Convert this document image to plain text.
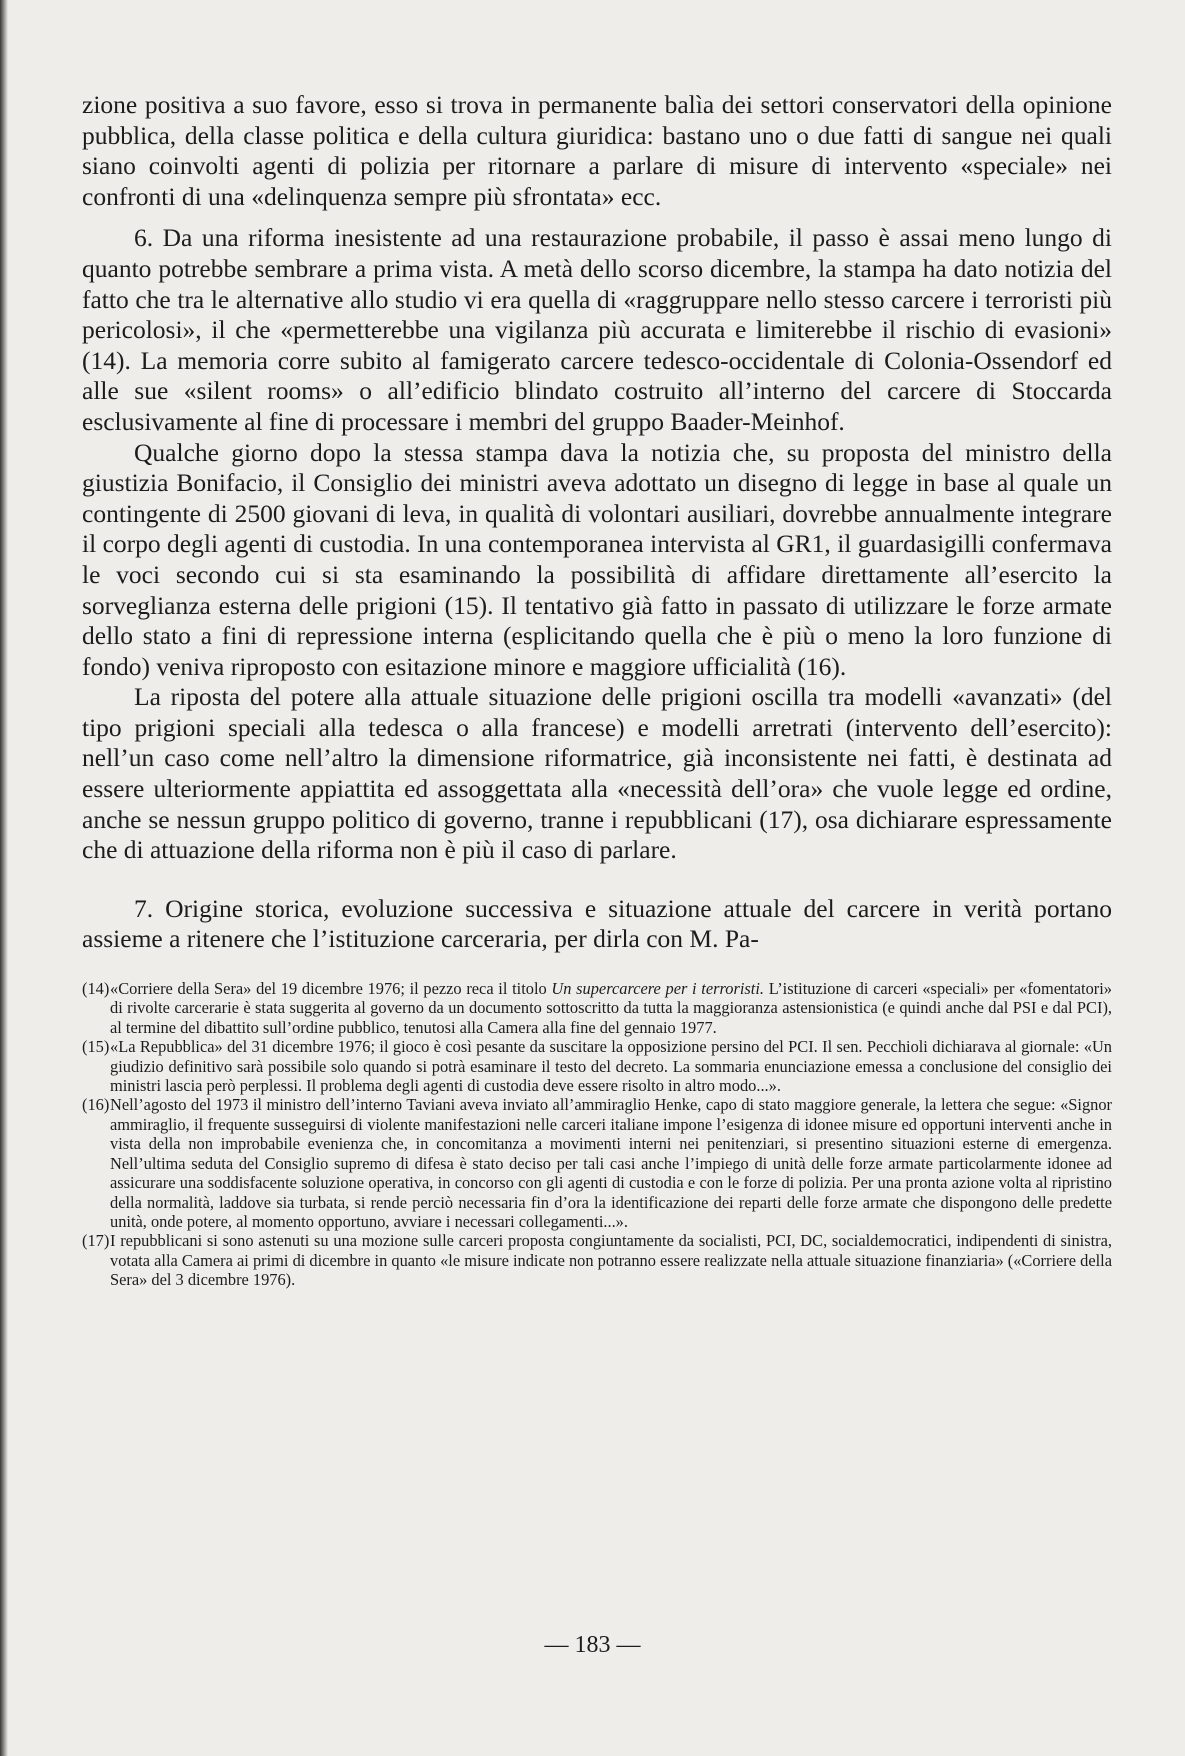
zione positiva a suo favore, esso si trova in permanente balìa dei settori conservatori della opinione pubblica, della classe politica e della cultura giuridica: bastano uno o due fatti di sangue nei quali siano coinvolti agenti di polizia per ritornare a parlare di misure di intervento «speciale» nei confronti di una «delinquenza sempre più sfrontata» ecc.

6. Da una riforma inesistente ad una restaurazione probabile, il passo è assai meno lungo di quanto potrebbe sembrare a prima vista. A metà dello scorso dicembre, la stampa ha dato notizia del fatto che tra le alternative allo studio vi era quella di «raggruppare nello stesso carcere i terroristi più pericolosi», il che «permetterebbe una vigilanza più accurata e limiterebbe il rischio di evasioni» (14). La memoria corre subito al famigerato carcere tedesco-occidentale di Colonia-Ossendorf ed alle sue «silent rooms» o all’edificio blindato costruito all’interno del carcere di Stoccarda esclusivamente al fine di processare i membri del gruppo Baader-Meinhof.

Qualche giorno dopo la stessa stampa dava la notizia che, su proposta del ministro della giustizia Bonifacio, il Consiglio dei ministri aveva adottato un disegno di legge in base al quale un contingente di 2500 giovani di leva, in qualità di volontari ausiliari, dovrebbe annualmente integrare il corpo degli agenti di custodia. In una contemporanea intervista al GR1, il guardasigilli confermava le voci secondo cui si sta esaminando la possibilità di affidare direttamente all’esercito la sorveglianza esterna delle prigioni (15). Il tentativo già fatto in passato di utilizzare le forze armate dello stato a fini di repressione interna (esplicitando quella che è più o meno la loro funzione di fondo) veniva riproposto con esitazione minore e maggiore ufficialità (16).

La riposta del potere alla attuale situazione delle prigioni oscilla tra modelli «avanzati» (del tipo prigioni speciali alla tedesca o alla francese) e modelli arretrati (intervento dell’esercito): nell’un caso come nell’altro la dimensione riformatrice, già inconsistente nei fatti, è destinata ad essere ulteriormente appiattita ed assoggettata alla «necessità dell’ora» che vuole legge ed ordine, anche se nessun gruppo politico di governo, tranne i repubblicani (17), osa dichiarare espressamente che di attuazione della riforma non è più il caso di parlare.

7. Origine storica, evoluzione successiva e situazione attuale del carcere in verità portano assieme a ritenere che l’istituzione carceraria, per dirla con M. Pa-

(14) «Corriere della Sera» del 19 dicembre 1976; il pezzo reca il titolo Un supercarcere per i terroristi. L’istituzione di carceri «speciali» per «fomentatori» di rivolte carcerarie è stata suggerita al governo da un documento sottoscritto da tutta la maggioranza astensionistica (e quindi anche dal PSI e dal PCI), al termine del dibattito sull’ordine pubblico, tenutosi alla Camera alla fine del gennaio 1977.
(15) «La Repubblica» del 31 dicembre 1976; il gioco è così pesante da suscitare la opposizione persino del PCI. Il sen. Pecchioli dichiarava al giornale: «Un giudizio definitivo sarà possibile solo quando si potrà esaminare il testo del decreto. La sommaria enunciazione emessa a conclusione del consiglio dei ministri lascia però perplessi. Il problema degli agenti di custodia deve essere risolto in altro modo...».
(16) Nell’agosto del 1973 il ministro dell’interno Taviani aveva inviato all’ammiraglio Henke, capo di stato maggiore generale, la lettera che segue: «Signor ammiraglio, il frequente susseguirsi di violente manifestazioni nelle carceri italiane impone l’esigenza di idonee misure ed opportuni interventi anche in vista della non improbabile evenienza che, in concomitanza a movimenti interni nei penitenziari, si presentino situazioni esterne di emergenza. Nell’ultima seduta del Consiglio supremo di difesa è stato deciso per tali casi anche l’impiego di unità delle forze armate particolarmente idonee ad assicurare una soddisfacente soluzione operativa, in concorso con gli agenti di custodia e con le forze di polizia. Per una pronta azione volta al ripristino della normalità, laddove sia turbata, si rende perciò necessaria fin d’ora la identificazione dei reparti delle forze armate che dispongono delle predette unità, onde potere, al momento opportuno, avviare i necessari collegamenti...».
(17) I repubblicani si sono astenuti su una mozione sulle carceri proposta congiuntamente da socialisti, PCI, DC, socialdemocratici, indipendenti di sinistra, votata alla Camera ai primi di dicembre in quanto «le misure indicate non potranno essere realizzate nella attuale situazione finanziaria» («Corriere della Sera» del 3 dicembre 1976).
— 183 —
